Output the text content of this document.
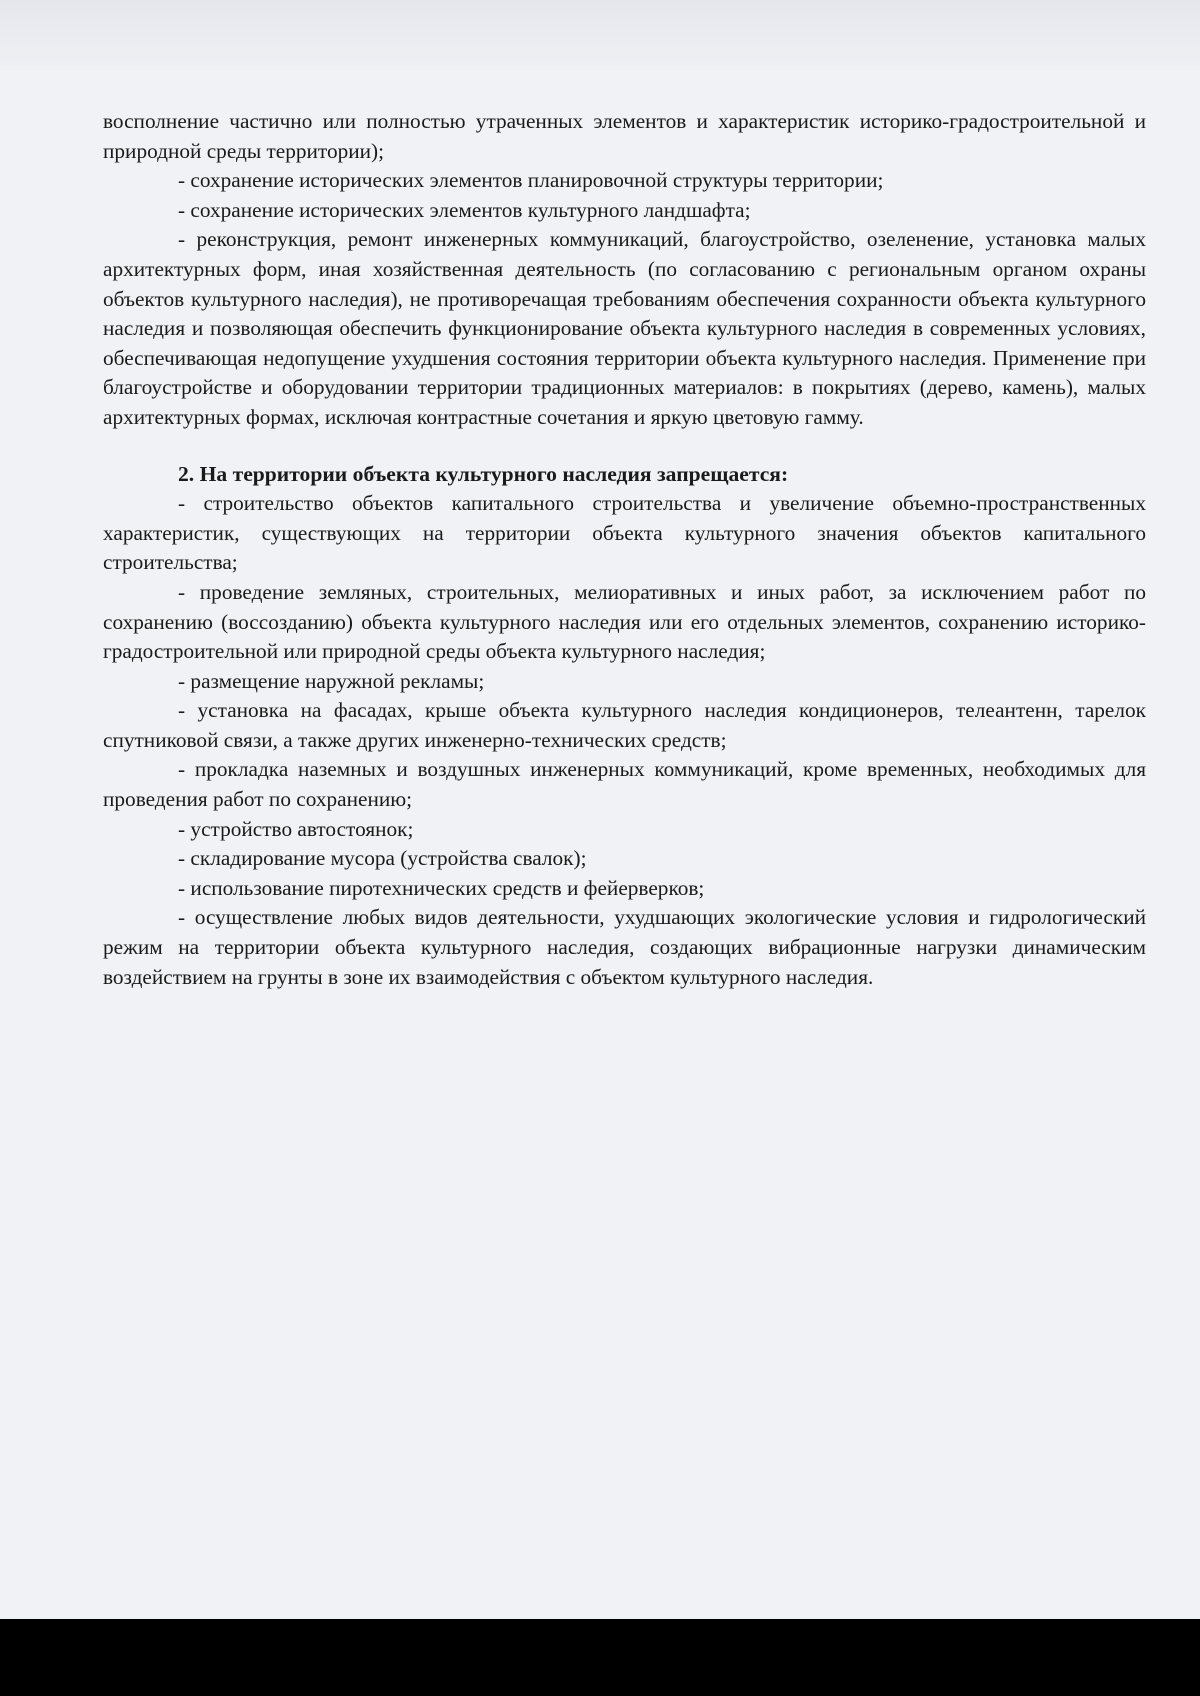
восполнение частично или полностью утраченных элементов и характеристик историко-градостроительной и природной среды территории);

- сохранение исторических элементов планировочной структуры территории;

- сохранение исторических элементов культурного ландшафта;

- реконструкция, ремонт инженерных коммуникаций, благоустройство, озеленение, установка малых архитектурных форм, иная хозяйственная деятельность (по согласованию с региональным органом охраны объектов культурного наследия), не противоречащая требованиям обеспечения сохранности объекта культурного наследия и позволяющая обеспечить функционирование объекта культурного наследия в современных условиях, обеспечивающая недопущение ухудшения состояния территории объекта культурного наследия. Применение при благоустройстве и оборудовании территории традиционных материалов: в покрытиях (дерево, камень), малых архитектурных формах, исключая контрастные сочетания и яркую цветовую гамму.

2. На территории объекта культурного наследия запрещается:

- строительство объектов капитального строительства и увеличение объемно-пространственных характеристик, существующих на территории объекта культурного значения объектов капитального строительства;

- проведение земляных, строительных, мелиоративных и иных работ, за исключением работ по сохранению (воссозданию) объекта культурного наследия или его отдельных элементов, сохранению историко-градостроительной или природной среды объекта культурного наследия;

- размещение наружной рекламы;

- установка на фасадах, крыше объекта культурного наследия кондиционеров, телеантенн, тарелок спутниковой связи, а также других инженерно-технических средств;

- прокладка наземных и воздушных инженерных коммуникаций, кроме временных, необходимых для проведения работ по сохранению;

- устройство автостоянок;

- складирование мусора (устройства свалок);

- использование пиротехнических средств и фейерверков;

- осуществление любых видов деятельности, ухудшающих экологические условия и гидрологический режим на территории объекта культурного наследия, создающих вибрационные нагрузки динамическим воздействием на грунты в зоне их взаимодействия с объектом культурного наследия.
